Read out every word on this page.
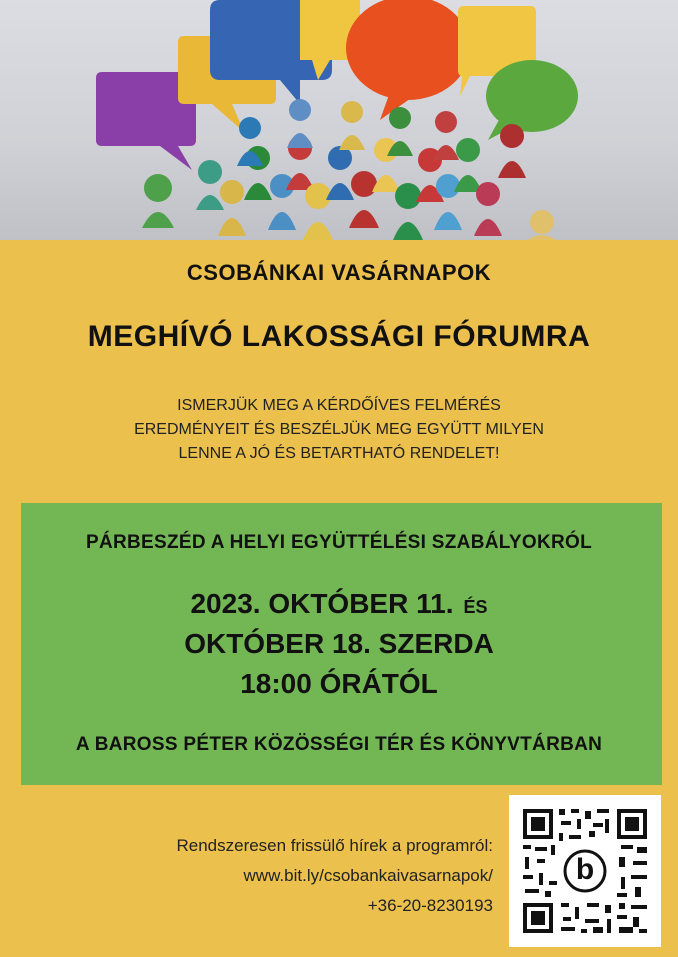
CSOBÁNKAI VASÁRNAPOK
MEGHÍVÓ LAKOSSÁGI FÓRUMRA
ISMERJÜK MEG A KÉRDŐÍVES FELMÉRÉS
EREDMÉNYEIT ÉS BESZÉLJÜK MEG EGYÜTT MILYEN
LENNE A JÓ ÉS BETARTHATÓ RENDELET!
PÁRBESZÉD A HELYI EGYÜTTÉLÉSI SZABÁLYOKRÓL
2023. OKTÓBER 11. ÉS
OKTÓBER 18. SZERDA
18:00 ÓRÁTÓL
A BAROSS PÉTER KÖZÖSSÉGI TÉR ÉS KÖNYVTÁRBAN
Rendszeresen frissülő hírek a programról:
www.bit.ly/csobankaivasarnapok/
+36-20-8230193
b
